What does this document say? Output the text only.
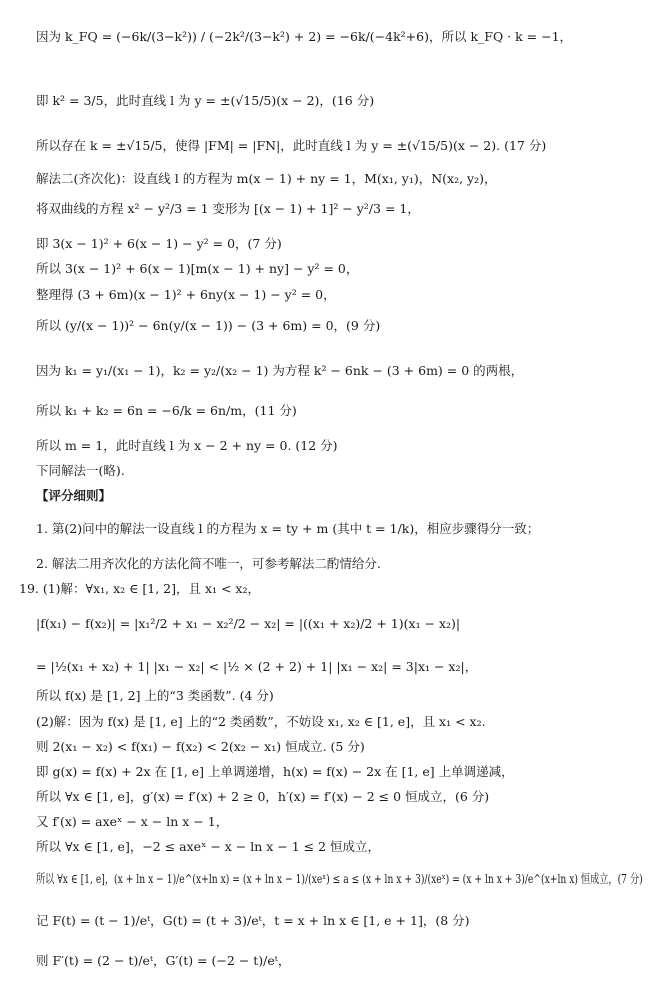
因为 k_FQ = (−6k/(3−k²)) / (−2k²/(3−k²) + 2) = −6k/(−4k²+6)，所以 k_FQ · k = −1，
即 k² = 3/5，此时直线 l 为 y = ±(√15/5)(x − 2)，(16 分)
所以存在 k = ±√15/5，使得 |FM| = |FN|，此时直线 l 为 y = ±(√15/5)(x − 2). (17 分)
解法二(齐次化)：设直线 l 的方程为 m(x − 1) + ny = 1，M(x₁, y₁)，N(x₂, y₂)，
将双曲线的方程 x² − y²/3 = 1 变形为 [(x − 1) + 1]² − y²/3 = 1，
即 3(x − 1)² + 6(x − 1) − y² = 0，(7 分)
所以 3(x − 1)² + 6(x − 1)[m(x − 1) + ny] − y² = 0，
整理得 (3 + 6m)(x − 1)² + 6ny(x − 1) − y² = 0，
所以 (y/(x − 1))² − 6n(y/(x − 1)) − (3 + 6m) = 0，(9 分)
因为 k₁ = y₁/(x₁ − 1)，k₂ = y₂/(x₂ − 1) 为方程 k² − 6nk − (3 + 6m) = 0 的两根，
所以 k₁ + k₂ = 6n = −6/k = 6n/m，(11 分)
所以 m = 1，此时直线 l 为 x − 2 + ny = 0. (12 分)
下同解法一(略).
【评分细则】
1. 第(2)问中的解法一设直线 l 的方程为 x = ty + m (其中 t = 1/k)，相应步骤得分一致；
2. 解法二用齐次化的方法化简不唯一，可参考解法二酌情给分.
19. (1)解：∀x₁, x₂ ∈ [1, 2]，且 x₁ < x₂，
|f(x₁) − f(x₂)| = |x₁²/2 + x₁ − x₂²/2 − x₂| = |((x₁ + x₂)/2 + 1)(x₁ − x₂)|
= |½(x₁ + x₂) + 1| |x₁ − x₂| < |½ × (2 + 2) + 1| |x₁ − x₂| = 3|x₁ − x₂|，
所以 f(x) 是 [1, 2] 上的“3 类函数”. (4 分)
(2)解：因为 f(x) 是 [1, e] 上的“2 类函数”，不妨设 x₁, x₂ ∈ [1, e]，且 x₁ < x₂.
则 2(x₁ − x₂) < f(x₁) − f(x₂) < 2(x₂ − x₁) 恒成立. (5 分)
即 g(x) = f(x) + 2x 在 [1, e] 上单调递增，h(x) = f(x) − 2x 在 [1, e] 上单调递减，
所以 ∀x ∈ [1, e]，g′(x) = f′(x) + 2 ≥ 0，h′(x) = f′(x) − 2 ≤ 0 恒成立，(6 分)
又 f′(x) = axeˣ − x − ln x − 1，
所以 ∀x ∈ [1, e]，−2 ≤ axeˣ − x − ln x − 1 ≤ 2 恒成立，
所以 ∀x ∈ [1, e]，(x + ln x − 1)/e^(x+ln x) = (x + ln x − 1)/(xeˣ) ≤ a ≤ (x + ln x + 3)/(xeˣ) = (x + ln x + 3)/e^(x+ln x) 恒成立，(7 分)
记 F(t) = (t − 1)/eᵗ，G(t) = (t + 3)/eᵗ，t = x + ln x ∈ [1, e + 1]，(8 分)
则 F′(t) = (2 − t)/eᵗ，G′(t) = (−2 − t)/eᵗ，
